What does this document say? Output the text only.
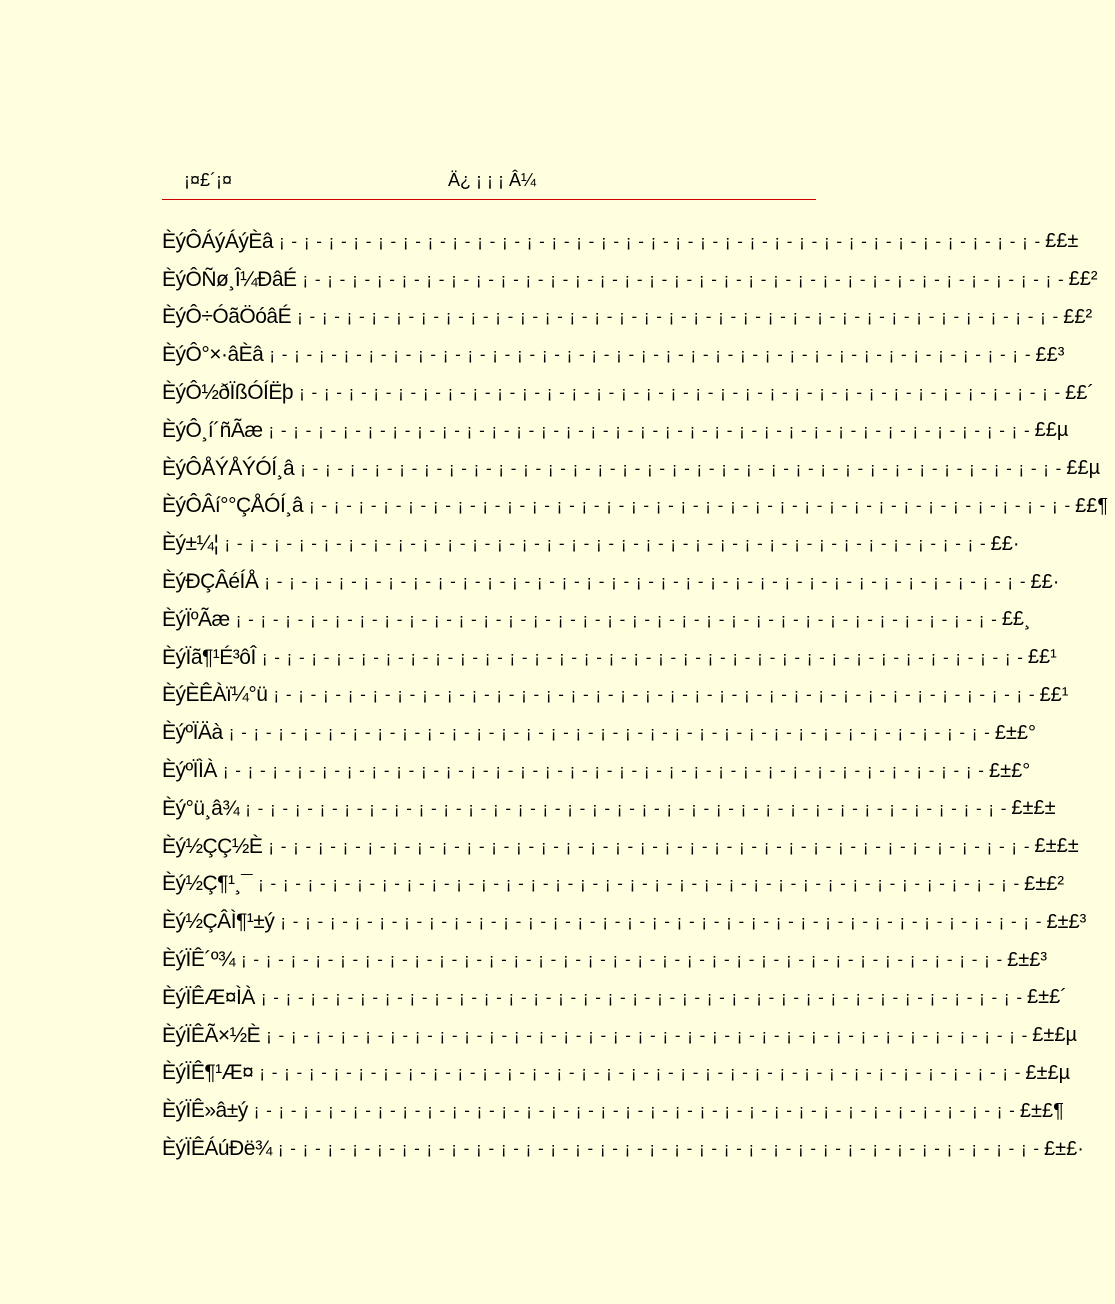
¡¤£´¡¤	Ä¿ ¡ ¡ ¡ Â¼
ÈýÔÁýÁýÈâ ¡ - ¡ - ¡ - ¡ - ¡ - ¡ - ¡ - ¡ - ¡ - ¡ - ¡ - ¡ - ¡ - ¡ - ¡ - ¡ - ¡ - ¡ - ¡ - ¡ - ¡ - ¡ - ¡ - ¡ - ¡ - ¡ - ¡ - ¡ - ¡ - ¡ - ¡ - ££±
ÈýÔÑø¸Î¼ÐâÉ ¡ - ¡ - ¡ - ¡ - ¡ - ¡ - ¡ - ¡ - ¡ - ¡ - ¡ - ¡ - ¡ - ¡ - ¡ - ¡ - ¡ - ¡ - ¡ - ¡ - ¡ - ¡ - ¡ - ¡ - ¡ - ¡ - ¡ - ¡ - ¡ - ¡ - ¡ - ££²
ÈýÔ÷ÓãÖóâÉ ¡ - ¡ - ¡ - ¡ - ¡ - ¡ - ¡ - ¡ - ¡ - ¡ - ¡ - ¡ - ¡ - ¡ - ¡ - ¡ - ¡ - ¡ - ¡ - ¡ - ¡ - ¡ - ¡ - ¡ - ¡ - ¡ - ¡ - ¡ - ¡ - ¡ - ¡ - ££²
ÈýÔ°×·âÈâ ¡ - ¡ - ¡ - ¡ - ¡ - ¡ - ¡ - ¡ - ¡ - ¡ - ¡ - ¡ - ¡ - ¡ - ¡ - ¡ - ¡ - ¡ - ¡ - ¡ - ¡ - ¡ - ¡ - ¡ - ¡ - ¡ - ¡ - ¡ - ¡ - ¡ - ¡ - ££³
ÈýÔ½ðÏßÓÍËþ ¡ - ¡ - ¡ - ¡ - ¡ - ¡ - ¡ - ¡ - ¡ - ¡ - ¡ - ¡ - ¡ - ¡ - ¡ - ¡ - ¡ - ¡ - ¡ - ¡ - ¡ - ¡ - ¡ - ¡ - ¡ - ¡ - ¡ - ¡ - ¡ - ¡ - ¡ - ££´
ÈýÔ¸í´ñÃæ ¡ - ¡ - ¡ - ¡ - ¡ - ¡ - ¡ - ¡ - ¡ - ¡ - ¡ - ¡ - ¡ - ¡ - ¡ - ¡ - ¡ - ¡ - ¡ - ¡ - ¡ - ¡ - ¡ - ¡ - ¡ - ¡ - ¡ - ¡ - ¡ - ¡ - ¡ - ££µ
ÈýÔÅÝÅÝÓÍ¸â ¡ - ¡ - ¡ - ¡ - ¡ - ¡ - ¡ - ¡ - ¡ - ¡ - ¡ - ¡ - ¡ - ¡ - ¡ - ¡ - ¡ - ¡ - ¡ - ¡ - ¡ - ¡ - ¡ - ¡ - ¡ - ¡ - ¡ - ¡ - ¡ - ¡ - ¡ - ££µ
ÈýÔÂí°°ÇÅÓÍ¸â ¡ - ¡ - ¡ - ¡ - ¡ - ¡ - ¡ - ¡ - ¡ - ¡ - ¡ - ¡ - ¡ - ¡ - ¡ - ¡ - ¡ - ¡ - ¡ - ¡ - ¡ - ¡ - ¡ - ¡ - ¡ - ¡ - ¡ - ¡ - ¡ - ¡ - ¡ - ££¶
Èý±¼¦ ¡ - ¡ - ¡ - ¡ - ¡ - ¡ - ¡ - ¡ - ¡ - ¡ - ¡ - ¡ - ¡ - ¡ - ¡ - ¡ - ¡ - ¡ - ¡ - ¡ - ¡ - ¡ - ¡ - ¡ - ¡ - ¡ - ¡ - ¡ - ¡ - ¡ - ¡ - ££·
ÈýÐÇÂéÍÅ ¡ - ¡ - ¡ - ¡ - ¡ - ¡ - ¡ - ¡ - ¡ - ¡ - ¡ - ¡ - ¡ - ¡ - ¡ - ¡ - ¡ - ¡ - ¡ - ¡ - ¡ - ¡ - ¡ - ¡ - ¡ - ¡ - ¡ - ¡ - ¡ - ¡ - ¡ - ££·
ÈýÏºÃæ ¡ - ¡ - ¡ - ¡ - ¡ - ¡ - ¡ - ¡ - ¡ - ¡ - ¡ - ¡ - ¡ - ¡ - ¡ - ¡ - ¡ - ¡ - ¡ - ¡ - ¡ - ¡ - ¡ - ¡ - ¡ - ¡ - ¡ - ¡ - ¡ - ¡ - ¡ - ££¸
ÈýÏã¶¹É³ôÎ ¡ - ¡ - ¡ - ¡ - ¡ - ¡ - ¡ - ¡ - ¡ - ¡ - ¡ - ¡ - ¡ - ¡ - ¡ - ¡ - ¡ - ¡ - ¡ - ¡ - ¡ - ¡ - ¡ - ¡ - ¡ - ¡ - ¡ - ¡ - ¡ - ¡ - ¡ - ££¹
ÈýÈÊÀï¼°ü ¡ - ¡ - ¡ - ¡ - ¡ - ¡ - ¡ - ¡ - ¡ - ¡ - ¡ - ¡ - ¡ - ¡ - ¡ - ¡ - ¡ - ¡ - ¡ - ¡ - ¡ - ¡ - ¡ - ¡ - ¡ - ¡ - ¡ - ¡ - ¡ - ¡ - ¡ - ££¹
ÈýºÏÄà ¡ - ¡ - ¡ - ¡ - ¡ - ¡ - ¡ - ¡ - ¡ - ¡ - ¡ - ¡ - ¡ - ¡ - ¡ - ¡ - ¡ - ¡ - ¡ - ¡ - ¡ - ¡ - ¡ - ¡ - ¡ - ¡ - ¡ - ¡ - ¡ - ¡ - ¡ - £±£°
ÈýºÏÌÀ ¡ - ¡ - ¡ - ¡ - ¡ - ¡ - ¡ - ¡ - ¡ - ¡ - ¡ - ¡ - ¡ - ¡ - ¡ - ¡ - ¡ - ¡ - ¡ - ¡ - ¡ - ¡ - ¡ - ¡ - ¡ - ¡ - ¡ - ¡ - ¡ - ¡ - ¡ - £±£°
Èý°ü¸â¾ ¡ - ¡ - ¡ - ¡ - ¡ - ¡ - ¡ - ¡ - ¡ - ¡ - ¡ - ¡ - ¡ - ¡ - ¡ - ¡ - ¡ - ¡ - ¡ - ¡ - ¡ - ¡ - ¡ - ¡ - ¡ - ¡ - ¡ - ¡ - ¡ - ¡ - ¡ - £±£±
Èý½ÇÇ½È ¡ - ¡ - ¡ - ¡ - ¡ - ¡ - ¡ - ¡ - ¡ - ¡ - ¡ - ¡ - ¡ - ¡ - ¡ - ¡ - ¡ - ¡ - ¡ - ¡ - ¡ - ¡ - ¡ - ¡ - ¡ - ¡ - ¡ - ¡ - ¡ - ¡ - ¡ - £±£±
Èý½Ç¶¹¸¯ ¡ - ¡ - ¡ - ¡ - ¡ - ¡ - ¡ - ¡ - ¡ - ¡ - ¡ - ¡ - ¡ - ¡ - ¡ - ¡ - ¡ - ¡ - ¡ - ¡ - ¡ - ¡ - ¡ - ¡ - ¡ - ¡ - ¡ - ¡ - ¡ - ¡ - ¡ - £±£²
Èý½ÇÂÌ¶¹±ý ¡ - ¡ - ¡ - ¡ - ¡ - ¡ - ¡ - ¡ - ¡ - ¡ - ¡ - ¡ - ¡ - ¡ - ¡ - ¡ - ¡ - ¡ - ¡ - ¡ - ¡ - ¡ - ¡ - ¡ - ¡ - ¡ - ¡ - ¡ - ¡ - ¡ - ¡ - £±£³
ÈýÏÊ´º¾ ¡ - ¡ - ¡ - ¡ - ¡ - ¡ - ¡ - ¡ - ¡ - ¡ - ¡ - ¡ - ¡ - ¡ - ¡ - ¡ - ¡ - ¡ - ¡ - ¡ - ¡ - ¡ - ¡ - ¡ - ¡ - ¡ - ¡ - ¡ - ¡ - ¡ - ¡ - £±£³
ÈýÏÊÆ¤ÌÀ ¡ - ¡ - ¡ - ¡ - ¡ - ¡ - ¡ - ¡ - ¡ - ¡ - ¡ - ¡ - ¡ - ¡ - ¡ - ¡ - ¡ - ¡ - ¡ - ¡ - ¡ - ¡ - ¡ - ¡ - ¡ - ¡ - ¡ - ¡ - ¡ - ¡ - ¡ - £±£´
ÈýÏÊÃ×½È ¡ - ¡ - ¡ - ¡ - ¡ - ¡ - ¡ - ¡ - ¡ - ¡ - ¡ - ¡ - ¡ - ¡ - ¡ - ¡ - ¡ - ¡ - ¡ - ¡ - ¡ - ¡ - ¡ - ¡ - ¡ - ¡ - ¡ - ¡ - ¡ - ¡ - ¡ - £±£µ
ÈýÏÊ¶¹Æ¤ ¡ - ¡ - ¡ - ¡ - ¡ - ¡ - ¡ - ¡ - ¡ - ¡ - ¡ - ¡ - ¡ - ¡ - ¡ - ¡ - ¡ - ¡ - ¡ - ¡ - ¡ - ¡ - ¡ - ¡ - ¡ - ¡ - ¡ - ¡ - ¡ - ¡ - ¡ - £±£µ
ÈýÏÊ»â±ý ¡ - ¡ - ¡ - ¡ - ¡ - ¡ - ¡ - ¡ - ¡ - ¡ - ¡ - ¡ - ¡ - ¡ - ¡ - ¡ - ¡ - ¡ - ¡ - ¡ - ¡ - ¡ - ¡ - ¡ - ¡ - ¡ - ¡ - ¡ - ¡ - ¡ - ¡ - £±£¶
ÈýÏÊÁúÐë¾ ¡ - ¡ - ¡ - ¡ - ¡ - ¡ - ¡ - ¡ - ¡ - ¡ - ¡ - ¡ - ¡ - ¡ - ¡ - ¡ - ¡ - ¡ - ¡ - ¡ - ¡ - ¡ - ¡ - ¡ - ¡ - ¡ - ¡ - ¡ - ¡ - ¡ - ¡ - £±£·
